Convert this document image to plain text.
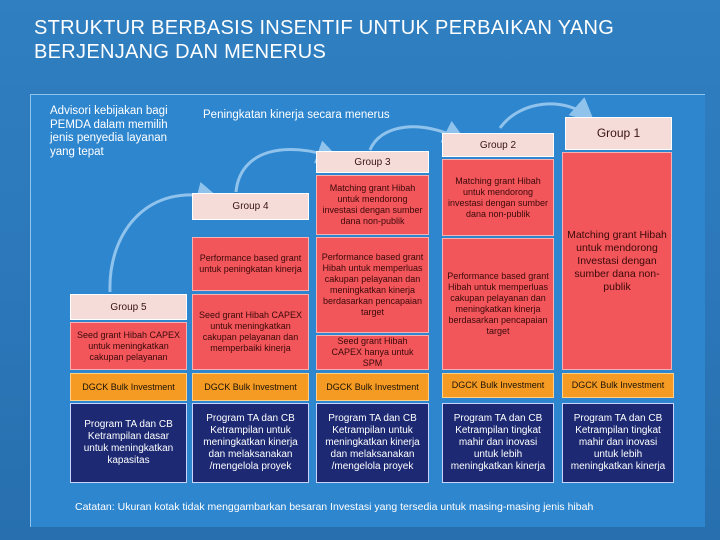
STRUKTUR BERBASIS INSENTIF UNTUK PERBAIKAN YANG BERJENJANG DAN MENERUS
Advisori kebijakan bagi PEMDA dalam memilih jenis penyedia layanan yang tepat
Peningkatan kinerja secara menerus
Group 1
Group 2
Group 3
Group 4
Group 5
Seed grant Hibah CAPEX untuk meningkatkan cakupan pelayanan
Performance based grant untuk peningkatan kinerja
Seed grant Hibah CAPEX untuk meningkatkan cakupan pelayanan dan memperbaiki kinerja
Matching grant Hibah untuk mendorong investasi dengan sumber dana non-publik
Performance based grant Hibah untuk memperluas cakupan pelayanan dan meningkatkan kinerja berdasarkan pencapaian target
Seed grant Hibah CAPEX hanya untuk SPM
Matching grant Hibah untuk mendorong investasi dengan sumber dana non-publik
Performance based grant Hibah untuk memperluas cakupan pelayanan dan meningkatkan kinerja berdasarkan pencapaian target
Matching grant Hibah untuk mendorong Investasi dengan sumber dana non-publik
DGCK Bulk Investment	DGCK Bulk Investment	DGCK Bulk Investment	DGCK Bulk Investment	DGCK Bulk Investment
Program TA dan CB Ketrampilan dasar untuk meningkatkan kapasitas
Program TA dan CB Ketrampilan untuk meningkatkan kinerja dan melaksanakan /mengelola proyek
Program TA dan CB Ketrampilan untuk meningkatkan kinerja dan melaksanakan /mengelola proyek
Program TA dan CB Ketrampilan tingkat mahir dan inovasi untuk lebih meningkatkan kinerja
Program TA dan CB Ketrampilan tingkat mahir dan inovasi untuk lebih meningkatkan kinerja
Catatan: Ukuran kotak tidak menggambarkan besaran Investasi yang tersedia untuk masing-masing jenis hibah
